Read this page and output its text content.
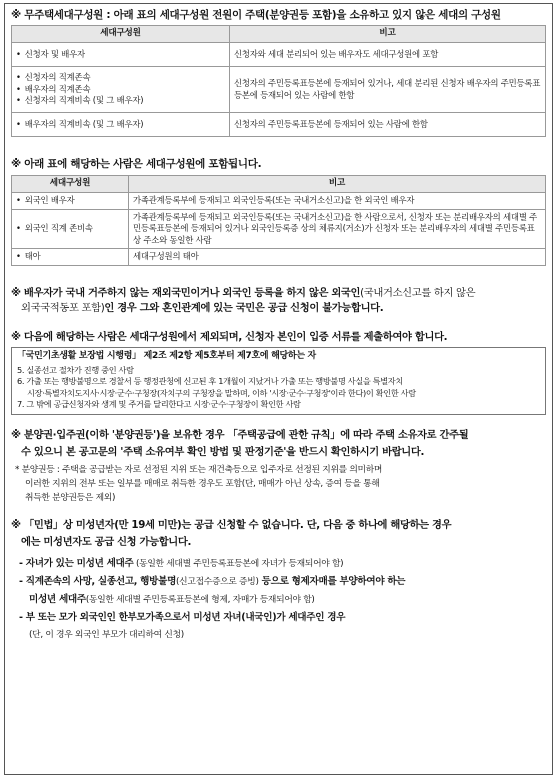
※ 무주택세대구성원 : 아래 표의 세대구성원 전원이 주택(분양권등 포함)을 소유하고 있지 않은 세대의 구성원
세대구성원	비고

• 신청자 및 배우자	신청자와 세대 분리되어 있는 배우자도 세대구성원에 포함

• 신청자의 직계존속
• 배우자의 직계존속
• 신청자의 직계비속 (및 그 배우자)	신청자의 주민등록표등본에 등재되어 있거나, 세대 분리된 신청자 배우자의 주민등록표등본에 등재되어 있는 사람에 한함

• 배우자의 직계비속 (및 그 배우자)	신청자의 주민등록표등본에 등재되어 있는 사람에 한함
※ 아래 표에 해당하는 사람은 세대구성원에 포함됩니다.
세대구성원	비고

• 외국인 배우자	가족관계등록부에 등재되고 외국인등록(또는 국내거소신고)을 한 외국인 배우자

• 외국인 직계 존비속	가족관계등록부에 등재되고 외국인등록(또는 국내거소신고)을 한 사람으로서, 신청자 또는 분리배우자의 세대별 주민등록표등본에 등재되어 있거나 외국인등록증 상의 체류지(거소)가 신청자 또는 분리배우자의 세대별 주민등록표상 주소와 동일한 사람

• 태아	세대구성원의 태아
※ 배우자가 국내 거주하지 않는 재외국민이거나 외국인 등록을 하지 않은 외국인(국내거소신고를 하지 않은
외국국적동포 포함)인 경우 그와 혼인관계에 있는 국민은 공급 신청이 불가능합니다.
※ 다음에 해당하는 사람은 세대구성원에서 제외되며, 신청자 본인이 입증 서류를 제출하여야 합니다.
「국민기초생활 보장법 시행령」 제2조 제2항 제5호부터 제7호에 해당하는 자
5. 실종선고 절차가 진행 중인 사람
6. 가출 또는 행방불명으로 경찰서 등 행정관청에 신고된 후 1개월이 지났거나 가출 또는 행방불명 사실을 특별자치
시장·특별자치도지사·시장·군수·구청장(자치구의 구청장을 말하며, 이하 '시장·군수·구청장'이라 한다)이 확인한 사람
7. 그 밖에 공급신청자와 생계 및 주거를 달리한다고 시장·군수·구청장이 확인한 사람
※ 분양권·입주권(이하 '분양권등')을 보유한 경우 「주택공급에 관한 규칙」에 따라 주택 소유자로 간주될
수 있으니 본 공고문의 '주택 소유여부 확인 방법 및 판정기준'을 반드시 확인하시기 바랍니다.
* 분양권등 : 주택을 공급받는 자로 선정된 지위 또는 재건축등으로 입주자로 선정된 지위를 의미하며
이러한 지위의 전부 또는 일부를 매매로 취득한 경우도 포함(단, 매매가 아닌 상속, 증여 등을 통해
취득한 분양권등은 제외)
※ 「민법」상 미성년자(만 19세 미만)는 공급 신청할 수 없습니다. 단, 다음 중 하나에 해당하는 경우
에는 미성년자도 공급 신청 가능합니다.
- 자녀가 있는 미성년 세대주 (동일한 세대별 주민등록표등본에 자녀가 등재되어야 함)
- 직계존속의 사망, 실종선고, 행방불명(신고접수증으로 증빙) 등으로 형제자매를 부양하여야 하는
미성년 세대주(동일한 세대별 주민등록표등본에 형제, 자매가 등재되어야 함)
- 부 또는 모가 외국인인 한부모가족으로서 미성년 자녀(내국인)가 세대주인 경우
(단, 이 경우 외국인 부모가 대리하여 신청)
